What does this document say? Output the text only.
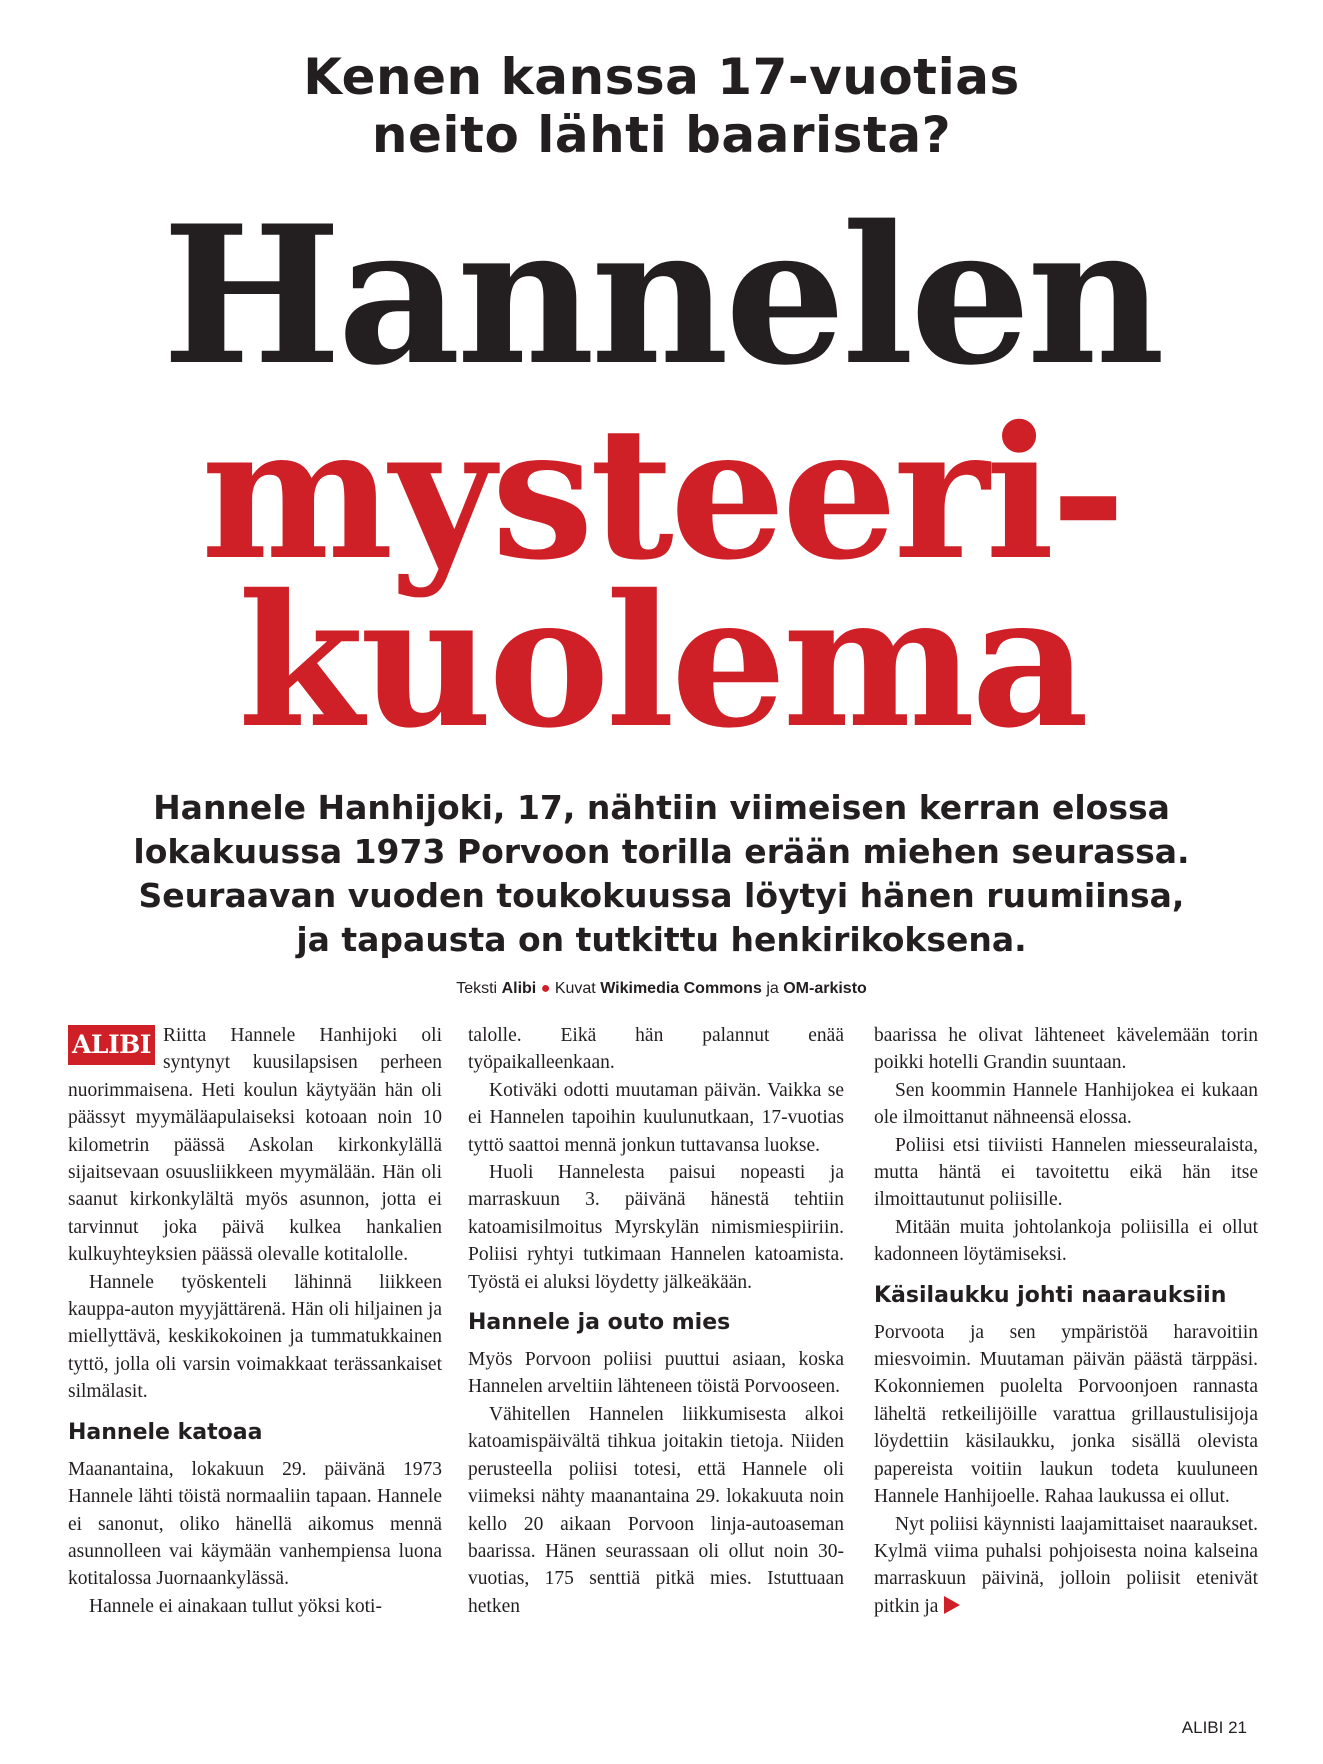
Kenen kanssa 17-vuotias
neito lähti baarista?
Hannelen
mysteeri-
kuolema
Hannele Hanhijoki, 17, nähtiin viimeisen kerran elossa
lokakuussa 1973 Porvoon torilla erään miehen seurassa.
Seuraavan vuoden toukokuussa löytyi hänen ruumiinsa,
ja tapausta on tutkittu henkirikoksena.
Teksti Alibi ● Kuvat Wikimedia Commons ja OM-arkisto

ALIBI Riitta Hannele Hanhijoki oli syntynyt kuusilapsisen perheen nuorimmaisena. Heti koulun käytyään hän oli päässyt myymäläapulaiseksi kotoaan noin 10 kilometrin päässä Askolan kirkonkylällä sijaitsevaan osuusliikkeen myymälään. Hän oli saanut kirkonkylältä myös asunnon, jotta ei tarvinnut joka päivä kulkea hankalien kulkuyhteyksien päässä olevalle kotitalolle.

Hannele työskenteli lähinnä liikkeen kauppa-auton myyjättärenä. Hän oli hiljainen ja miellyttävä, keskikokoinen ja tummatukkainen tyttö, jolla oli varsin voimakkaat terässankaiset silmälasit.

Hannele katoaa

Maanantaina, lokakuun 29. päivänä 1973 Hannele lähti töistä normaaliin tapaan. Hannele ei sanonut, oliko hänellä aikomus mennä asunnolleen vai käymään vanhempiensa luona kotitalossa Juornaankylässä.

Hannele ei ainakaan tullut yöksi koti-

talolle. Eikä hän palannut enää työpaikalleenkaan.

Kotiväki odotti muutaman päivän. Vaikka se ei Hannelen tapoihin kuulunutkaan, 17-vuotias tyttö saattoi mennä jonkun tuttavansa luokse.

Huoli Hannelesta paisui nopeasti ja marraskuun 3. päivänä hänestä tehtiin katoamisilmoitus Myrskylän nimismiespiiriin. Poliisi ryhtyi tutkimaan Hannelen katoamista. Työstä ei aluksi löydetty jälkeäkään.

Hannele ja outo mies

Myös Porvoon poliisi puuttui asiaan, koska Hannelen arveltiin lähteneen töistä Porvooseen.

Vähitellen Hannelen liikkumisesta alkoi katoamispäivältä tihkua joitakin tietoja. Niiden perusteella poliisi totesi, että Hannele oli viimeksi nähty maanantaina 29. lokakuuta noin kello 20 aikaan Porvoon linja-autoaseman baarissa. Hänen seurassaan oli ollut noin 30-vuotias, 175 senttiä pitkä mies. Istuttuaan hetken

baarissa he olivat lähteneet kävelemään torin poikki hotelli Grandin suuntaan.

Sen koommin Hannele Hanhijokea ei kukaan ole ilmoittanut nähneensä elossa.

Poliisi etsi tiiviisti Hannelen miesseuralaista, mutta häntä ei tavoitettu eikä hän itse ilmoittautunut poliisille.

Mitään muita johtolankoja poliisilla ei ollut kadonneen löytämiseksi.

Käsilaukku johti naarauksiin

Porvoota ja sen ympäristöä haravoitiin miesvoimin. Muutaman päivän päästä tärppäsi. Kokonniemen puolelta Porvoonjoen rannasta läheltä retkeilijöille varattua grillaustulisijoja löydettiin käsilaukku, jonka sisällä olevista papereista voitiin laukun todeta kuuluneen Hannele Hanhijoelle. Rahaa laukussa ei ollut.

Nyt poliisi käynnisti laajamittaiset naaraukset. Kylmä viima puhalsi pohjoisesta noina kalseina marraskuun päivinä, jolloin poliisit etenivät pitkin ja

ALIBI 21
